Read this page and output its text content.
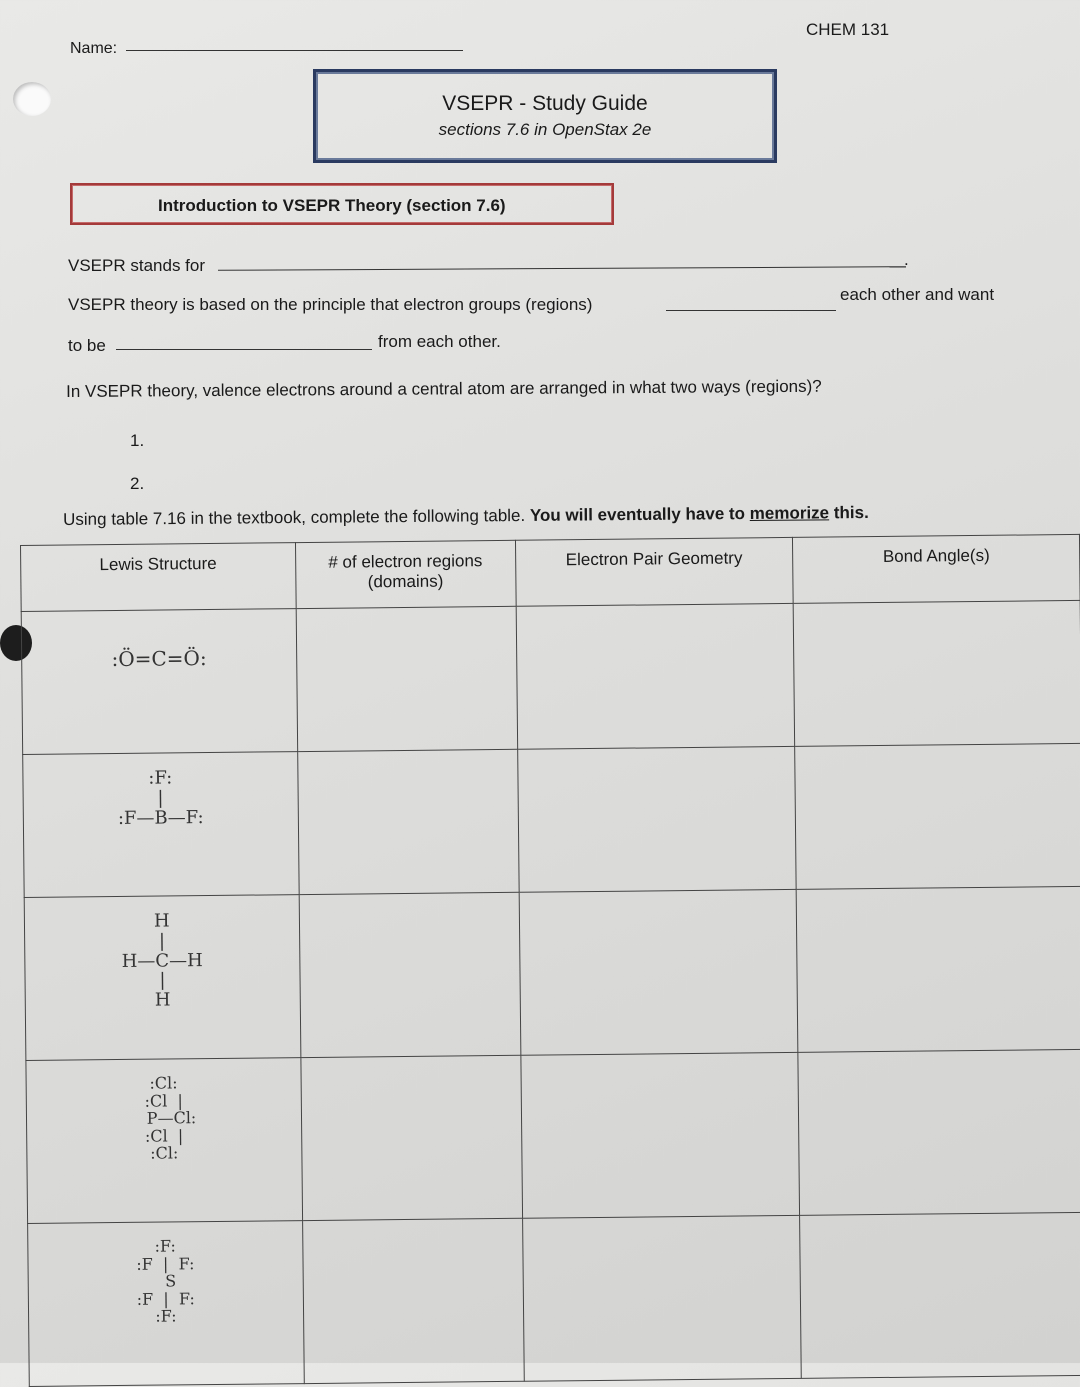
CHEM 131
Name:
VSEPR - Study Guide
sections 7.6 in OpenStax 2e
Introduction to VSEPR Theory (section 7.6)
VSEPR stands for	.
VSEPR theory is based on the principle that electron groups (regions)
each other and want
to be	from each other.
In VSEPR theory, valence electrons around a central atom are arranged in what two ways (regions)?
1.
2.
Using table 7.16 in the textbook, complete the following table. You will eventually have to memorize this.
Lewis Structure	# of electron regions (domains)	Electron Pair Geometry	Bond Angle(s)

:Ö=C=Ö:			

:F:
|
:F—B—F:			

H
|
H—C—H
|
H			

:Cl:
:Cl  |
P—Cl:
:Cl  |
:Cl:			

:F:
:F  |  F:
S
:F  |  F:
:F:			
